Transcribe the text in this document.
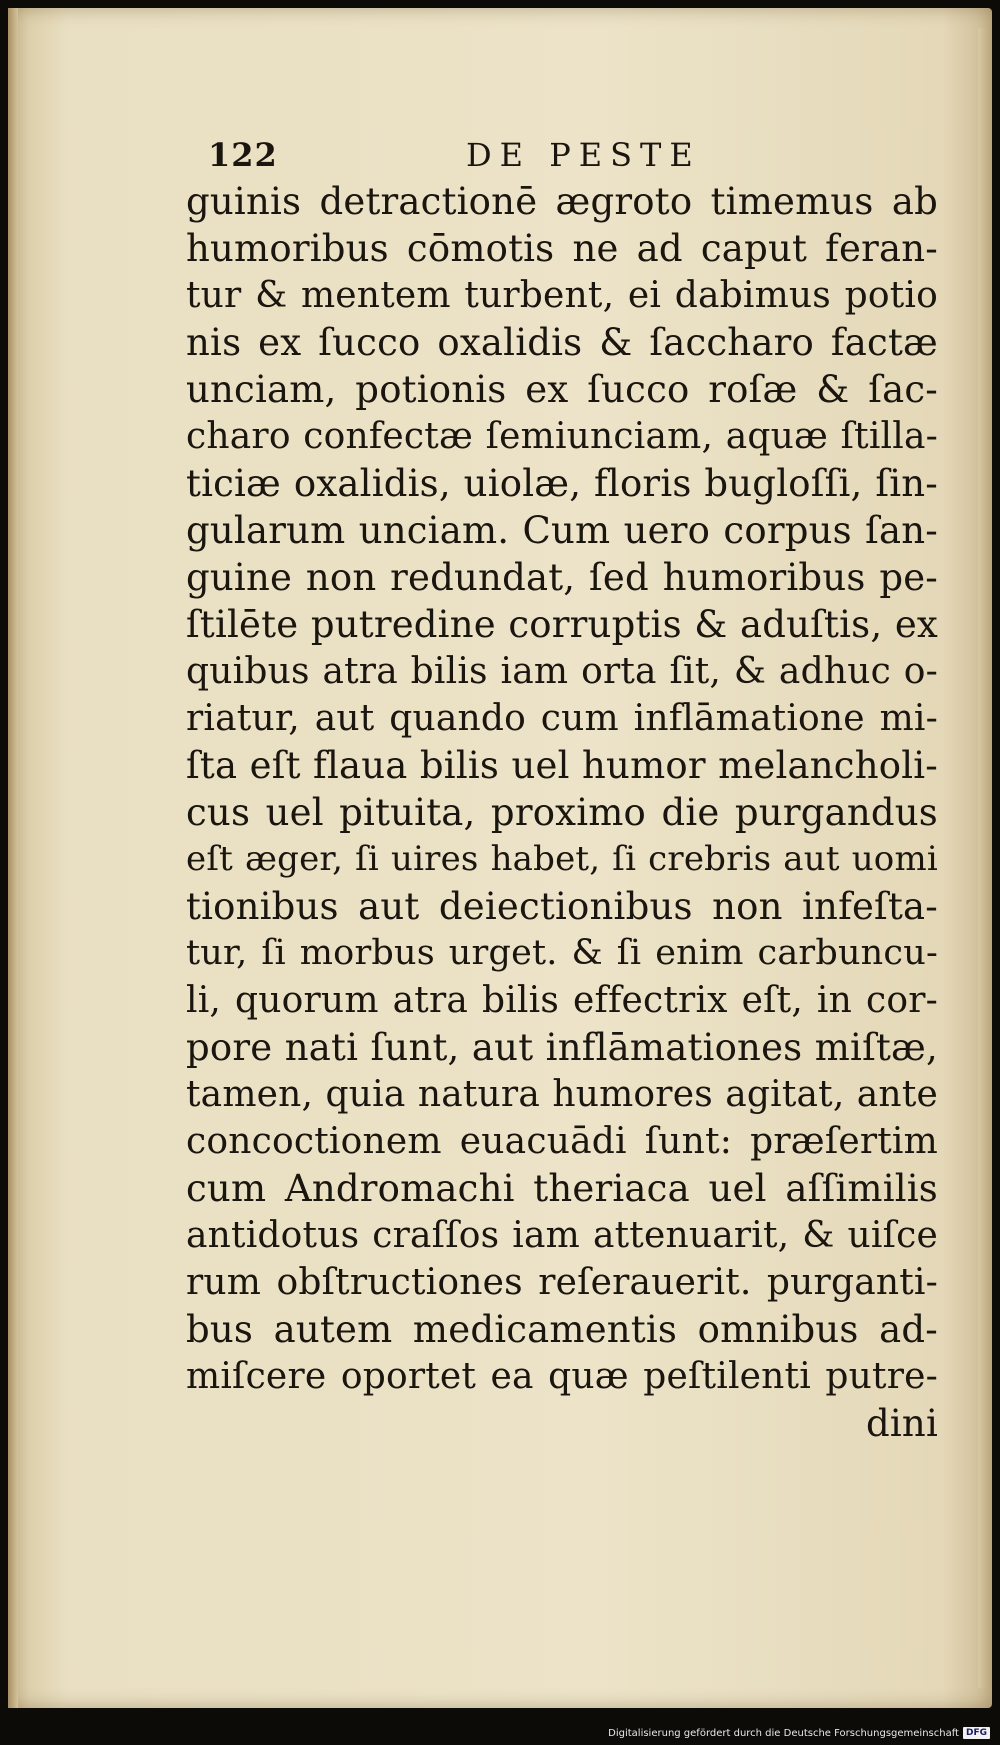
122	DE PESTE
guinis detractionē ægroto timemus ab
humoribus cōmotis ne ad caput feran-
tur & mentem turbent, ei dabimus potio
nis ex ſucco oxalidis & ſaccharo factæ
unciam, potionis ex ſucco roſæ & ſac-
charo confectæ ſemiunciam, aquæ ſtilla-
ticiæ oxalidis, uiolæ, floris bugloſſi, ſin-
gularum unciam. Cum uero corpus ſan-
guine non redundat, ſed humoribus pe-
ſtilēte putredine corruptis & aduſtis, ex
quibus atra bilis iam orta ſit, & adhuc o-
riatur, aut quando cum inflāmatione mi-
ſta eſt flaua bilis uel humor melancholi-
cus uel pituita, proximo die purgandus
eſt æger, ſi uires habet, ſi crebris aut uomi
tionibus aut deiectionibus non infeſta-
tur, ſi morbus urget. & ſi enim carbuncu-
li, quorum atra bilis effectrix eſt, in cor-
pore nati ſunt, aut inflāmationes miſtæ,
tamen, quia natura humores agitat, ante
concoctionem euacuādi ſunt: præſertim
cum Andromachi theriaca uel aſſimilis
antidotus craſſos iam attenuarit, & uiſce
rum obſtructiones reſerauerit. purganti-
bus autem medicamentis omnibus ad-
miſcere oportet ea quæ peſtilenti putre-
dini
Digitalisierung gefördert durch die Deutsche Forschungsgemeinschaft DFG
